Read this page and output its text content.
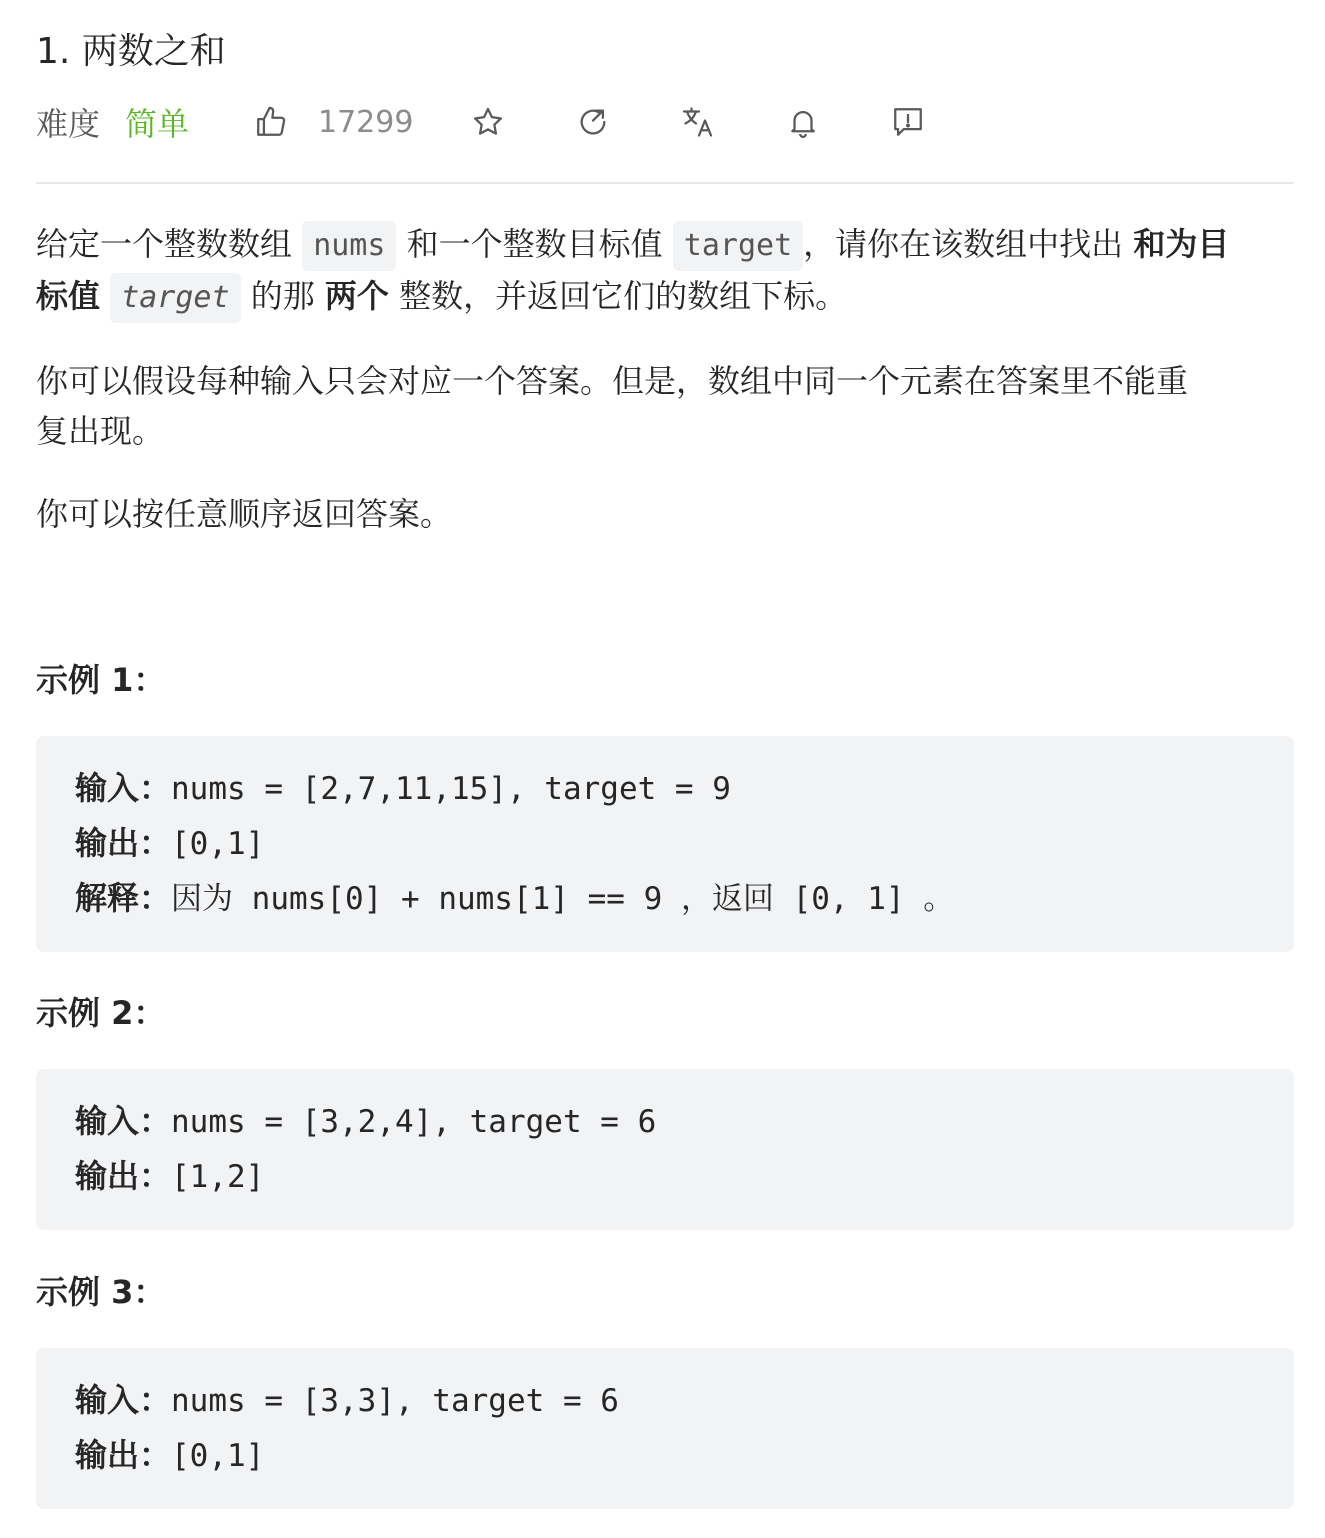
1. 两数之和
难度 简单	17299
给定一个整数数组 nums 和一个整数目标值 target ，请你在该数组中找出 和为目
标值 target 的那 两个 整数，并返回它们的数组下标。
你可以假设每种输入只会对应一个答案。但是，数组中同一个元素在答案里不能重
复出现。
你可以按任意顺序返回答案。
示例 1：
输入：nums = [2,7,11,15], target = 9
输出：[0,1]
解释：因为 nums[0] + nums[1] == 9 ，返回 [0, 1] 。
示例 2：
输入：nums = [3,2,4], target = 6
输出：[1,2]
示例 3：
输入：nums = [3,3], target = 6
输出：[0,1]
